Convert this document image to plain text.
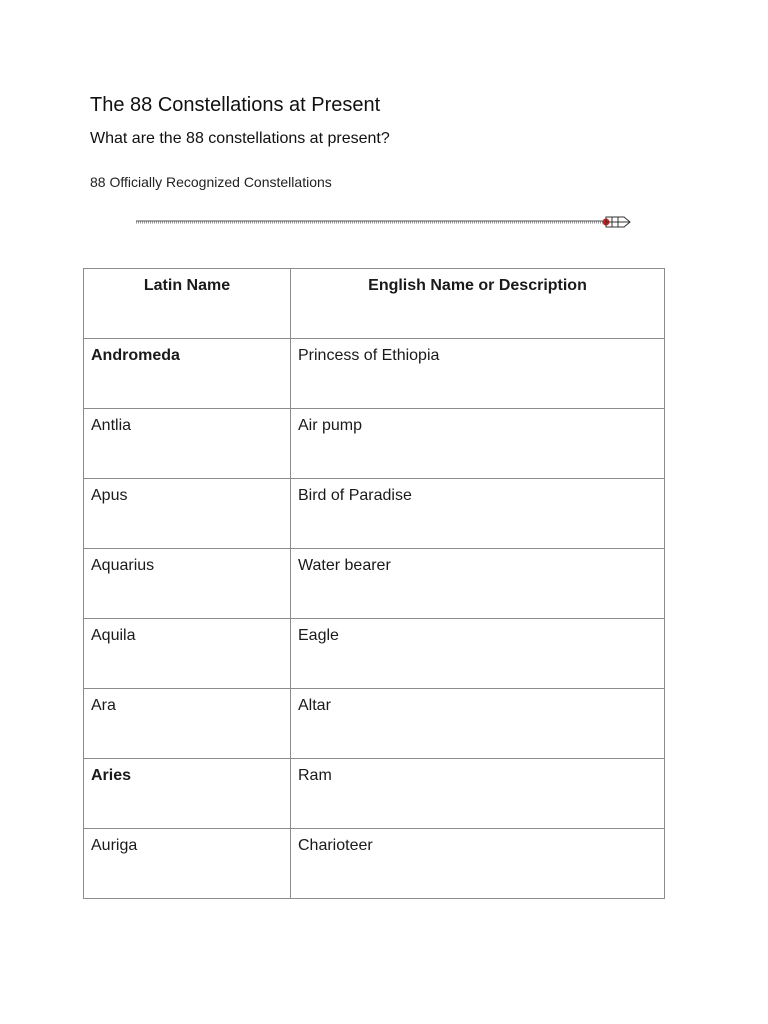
The 88 Constellations at Present
What are the 88 constellations at present?

88 Officially Recognized Constellations

Latin Name	English Name or Description
Andromeda	Princess of Ethiopia
Antlia	Air pump
Apus	Bird of Paradise
Aquarius	Water bearer
Aquila	Eagle
Ara	Altar
Aries	Ram
Auriga	Charioteer
